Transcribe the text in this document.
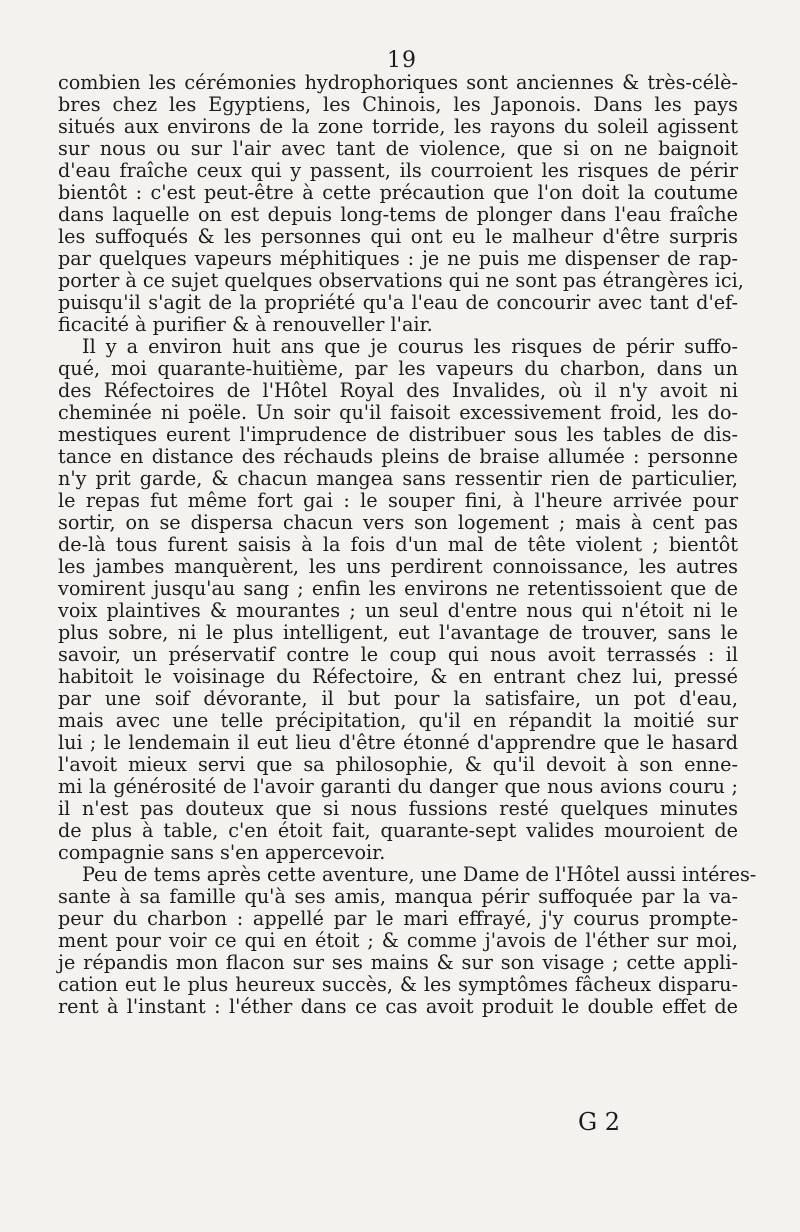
19
combien les cérémonies hydrophoriques sont anciennes & très-célè-
bres chez les Egyptiens, les Chinois, les Japonois. Dans les pays
situés aux environs de la zone torride, les rayons du soleil agissent
sur nous ou sur l'air avec tant de violence, que si on ne baignoit
d'eau fraîche ceux qui y passent, ils courroient les risques de périr
bientôt : c'est peut-être à cette précaution que l'on doit la coutume
dans laquelle on est depuis long-tems de plonger dans l'eau fraîche
les suffoqués & les personnes qui ont eu le malheur d'être surpris
par quelques vapeurs méphitiques : je ne puis me dispenser de rap-
porter à ce sujet quelques observations qui ne sont pas étrangères ici,
puisqu'il s'agit de la propriété qu'a l'eau de concourir avec tant d'ef-
ficacité à purifier & à renouveller l'air.
Il y a environ huit ans que je courus les risques de périr suffo-
qué, moi quarante-huitième, par les vapeurs du charbon, dans un
des Réfectoires de l'Hôtel Royal des Invalides, où il n'y avoit ni
cheminée ni poële. Un soir qu'il faisoit excessivement froid, les do-
mestiques eurent l'imprudence de distribuer sous les tables de dis-
tance en distance des réchauds pleins de braise allumée : personne
n'y prit garde, & chacun mangea sans ressentir rien de particulier,
le repas fut même fort gai : le souper fini, à l'heure arrivée pour
sortir, on se dispersa chacun vers son logement ; mais à cent pas
de-là tous furent saisis à la fois d'un mal de tête violent ; bientôt
les jambes manquèrent, les uns perdirent connoissance, les autres
vomirent jusqu'au sang ; enfin les environs ne retentissoient que de
voix plaintives & mourantes ; un seul d'entre nous qui n'étoit ni le
plus sobre, ni le plus intelligent, eut l'avantage de trouver, sans le
savoir, un préservatif contre le coup qui nous avoit terrassés : il
habitoit le voisinage du Réfectoire, & en entrant chez lui, pressé
par une soif dévorante, il but pour la satisfaire, un pot d'eau,
mais avec une telle précipitation, qu'il en répandit la moitié sur
lui ; le lendemain il eut lieu d'être étonné d'apprendre que le hasard
l'avoit mieux servi que sa philosophie, & qu'il devoit à son enne-
mi la générosité de l'avoir garanti du danger que nous avions couru ;
il n'est pas douteux que si nous fussions resté quelques minutes
de plus à table, c'en étoit fait, quarante-sept valides mouroient de
compagnie sans s'en appercevoir.
Peu de tems après cette aventure, une Dame de l'Hôtel aussi intéres-
sante à sa famille qu'à ses amis, manqua périr suffoquée par la va-
peur du charbon : appellé par le mari effrayé, j'y courus prompte-
ment pour voir ce qui en étoit ; & comme j'avois de l'éther sur moi,
je répandis mon flacon sur ses mains & sur son visage ; cette appli-
cation eut le plus heureux succès, & les symptômes fâcheux disparu-
rent à l'instant : l'éther dans ce cas avoit produit le double effet de
G 2
